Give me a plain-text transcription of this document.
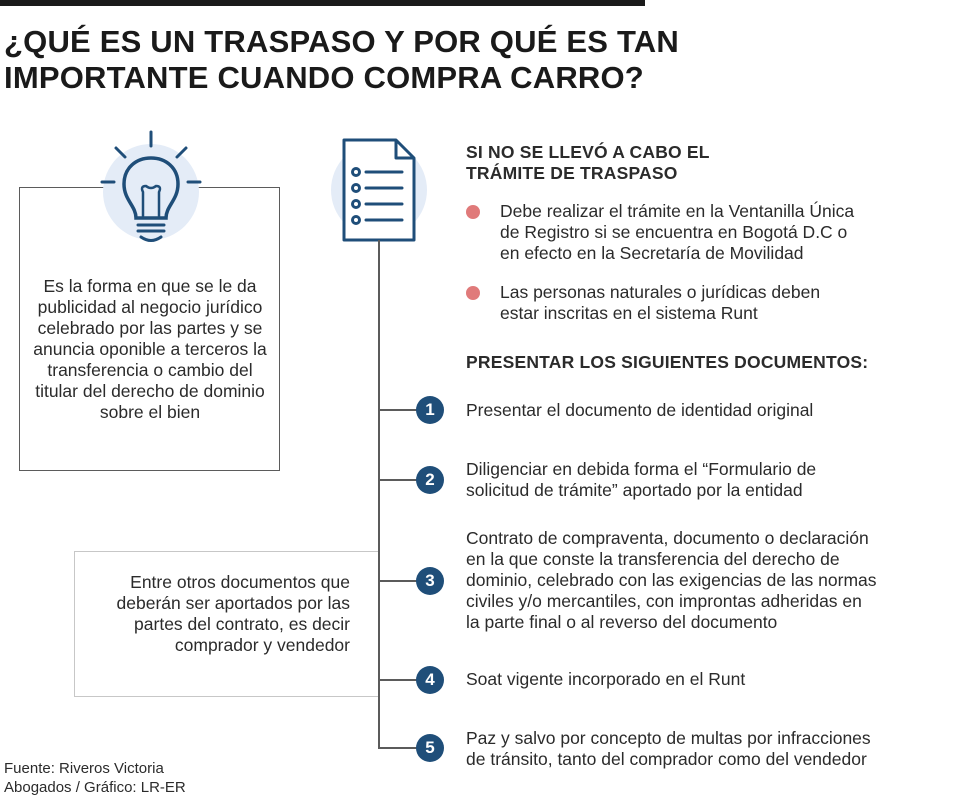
¿QUÉ ES UN TRASPASO Y POR QUÉ ES TAN
IMPORTANTE CUANDO COMPRA CARRO?

Es la forma en que se le da publicidad al negocio jurídico celebrado por las partes y se anuncia oponible a terceros la transferencia o cambio del titular del derecho de dominio sobre el bien

Entre otros documentos que deberán ser aportados por las partes del contrato, es decir comprador y vendedor

SI NO SE LLEVÓ A CABO EL
TRÁMITE DE TRASPASO

Debe realizar el trámite en la Ventanilla Única
de Registro si se encuentra en Bogotá D.C o
en efecto en la Secretaría de Movilidad

Las personas naturales o jurídicas deben
estar inscritas en el sistema Runt

PRESENTAR LOS SIGUIENTES DOCUMENTOS:
1	Presentar el documento de identidad original

2

Diligenciar en debida forma el “Formulario de
solicitud de trámite” aportado por la entidad

3

Contrato de compraventa, documento o declaración
en la que conste la transferencia del derecho de
dominio, celebrado con las exigencias de las normas
civiles y/o mercantiles, con improntas adheridas en
la parte final o al reverso del documento

4	Soat vigente incorporado en el Runt

5	Paz y salvo por concepto de multas por infracciones
de tránsito, tanto del comprador como del vendedor

Fuente: Riveros Victoria
Abogados / Gráfico: LR-ER
